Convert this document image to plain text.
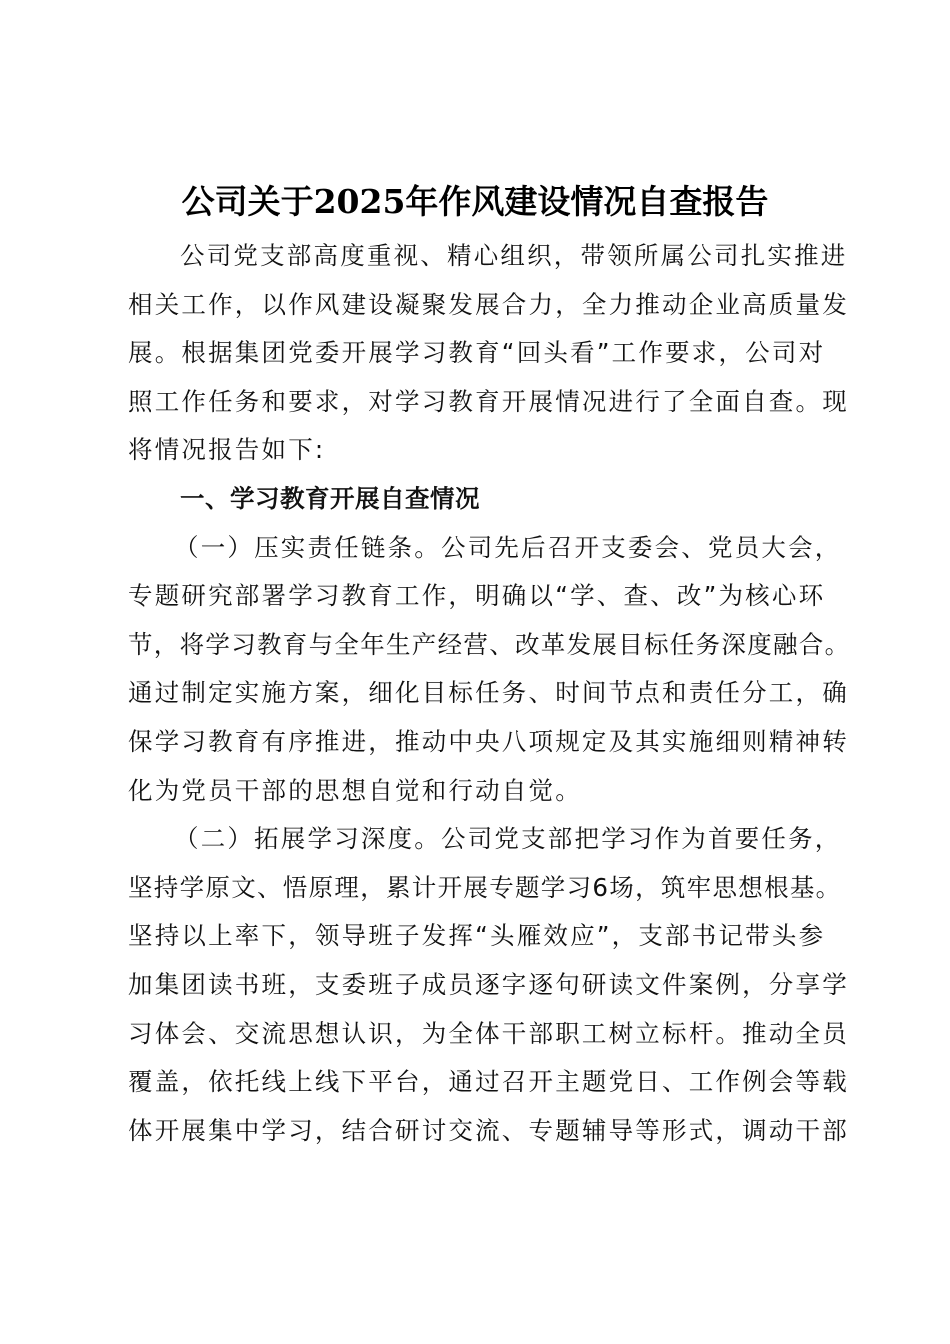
公司关于2025年作风建设情况自查报告
公司党支部高度重视、精心组织，带领所属公司扎实推进
相关工作，以作风建设凝聚发展合力，全力推动企业高质量发
展。根据集团党委开展学习教育“回头看”工作要求，公司对
照工作任务和要求，对学习教育开展情况进行了全面自查。现
将情况报告如下:
一、学习教育开展自查情况
（一）压实责任链条。公司先后召开支委会、党员大会，
专题研究部署学习教育工作，明确以“学、查、改”为核心环
节，将学习教育与全年生产经营、改革发展目标任务深度融合。
通过制定实施方案，细化目标任务、时间节点和责任分工，确
保学习教育有序推进，推动中央八项规定及其实施细则精神转
化为党员干部的思想自觉和行动自觉。
（二）拓展学习深度。公司党支部把学习作为首要任务，
坚持学原文、悟原理，累计开展专题学习6场，筑牢思想根基。
坚持以上率下，领导班子发挥“头雁效应”，支部书记带头参
加集团读书班，支委班子成员逐字逐句研读文件案例，分享学
习体会、交流思想认识，为全体干部职工树立标杆。推动全员
覆盖，依托线上线下平台，通过召开主题党日、工作例会等载
体开展集中学习，结合研讨交流、专题辅导等形式，调动干部
